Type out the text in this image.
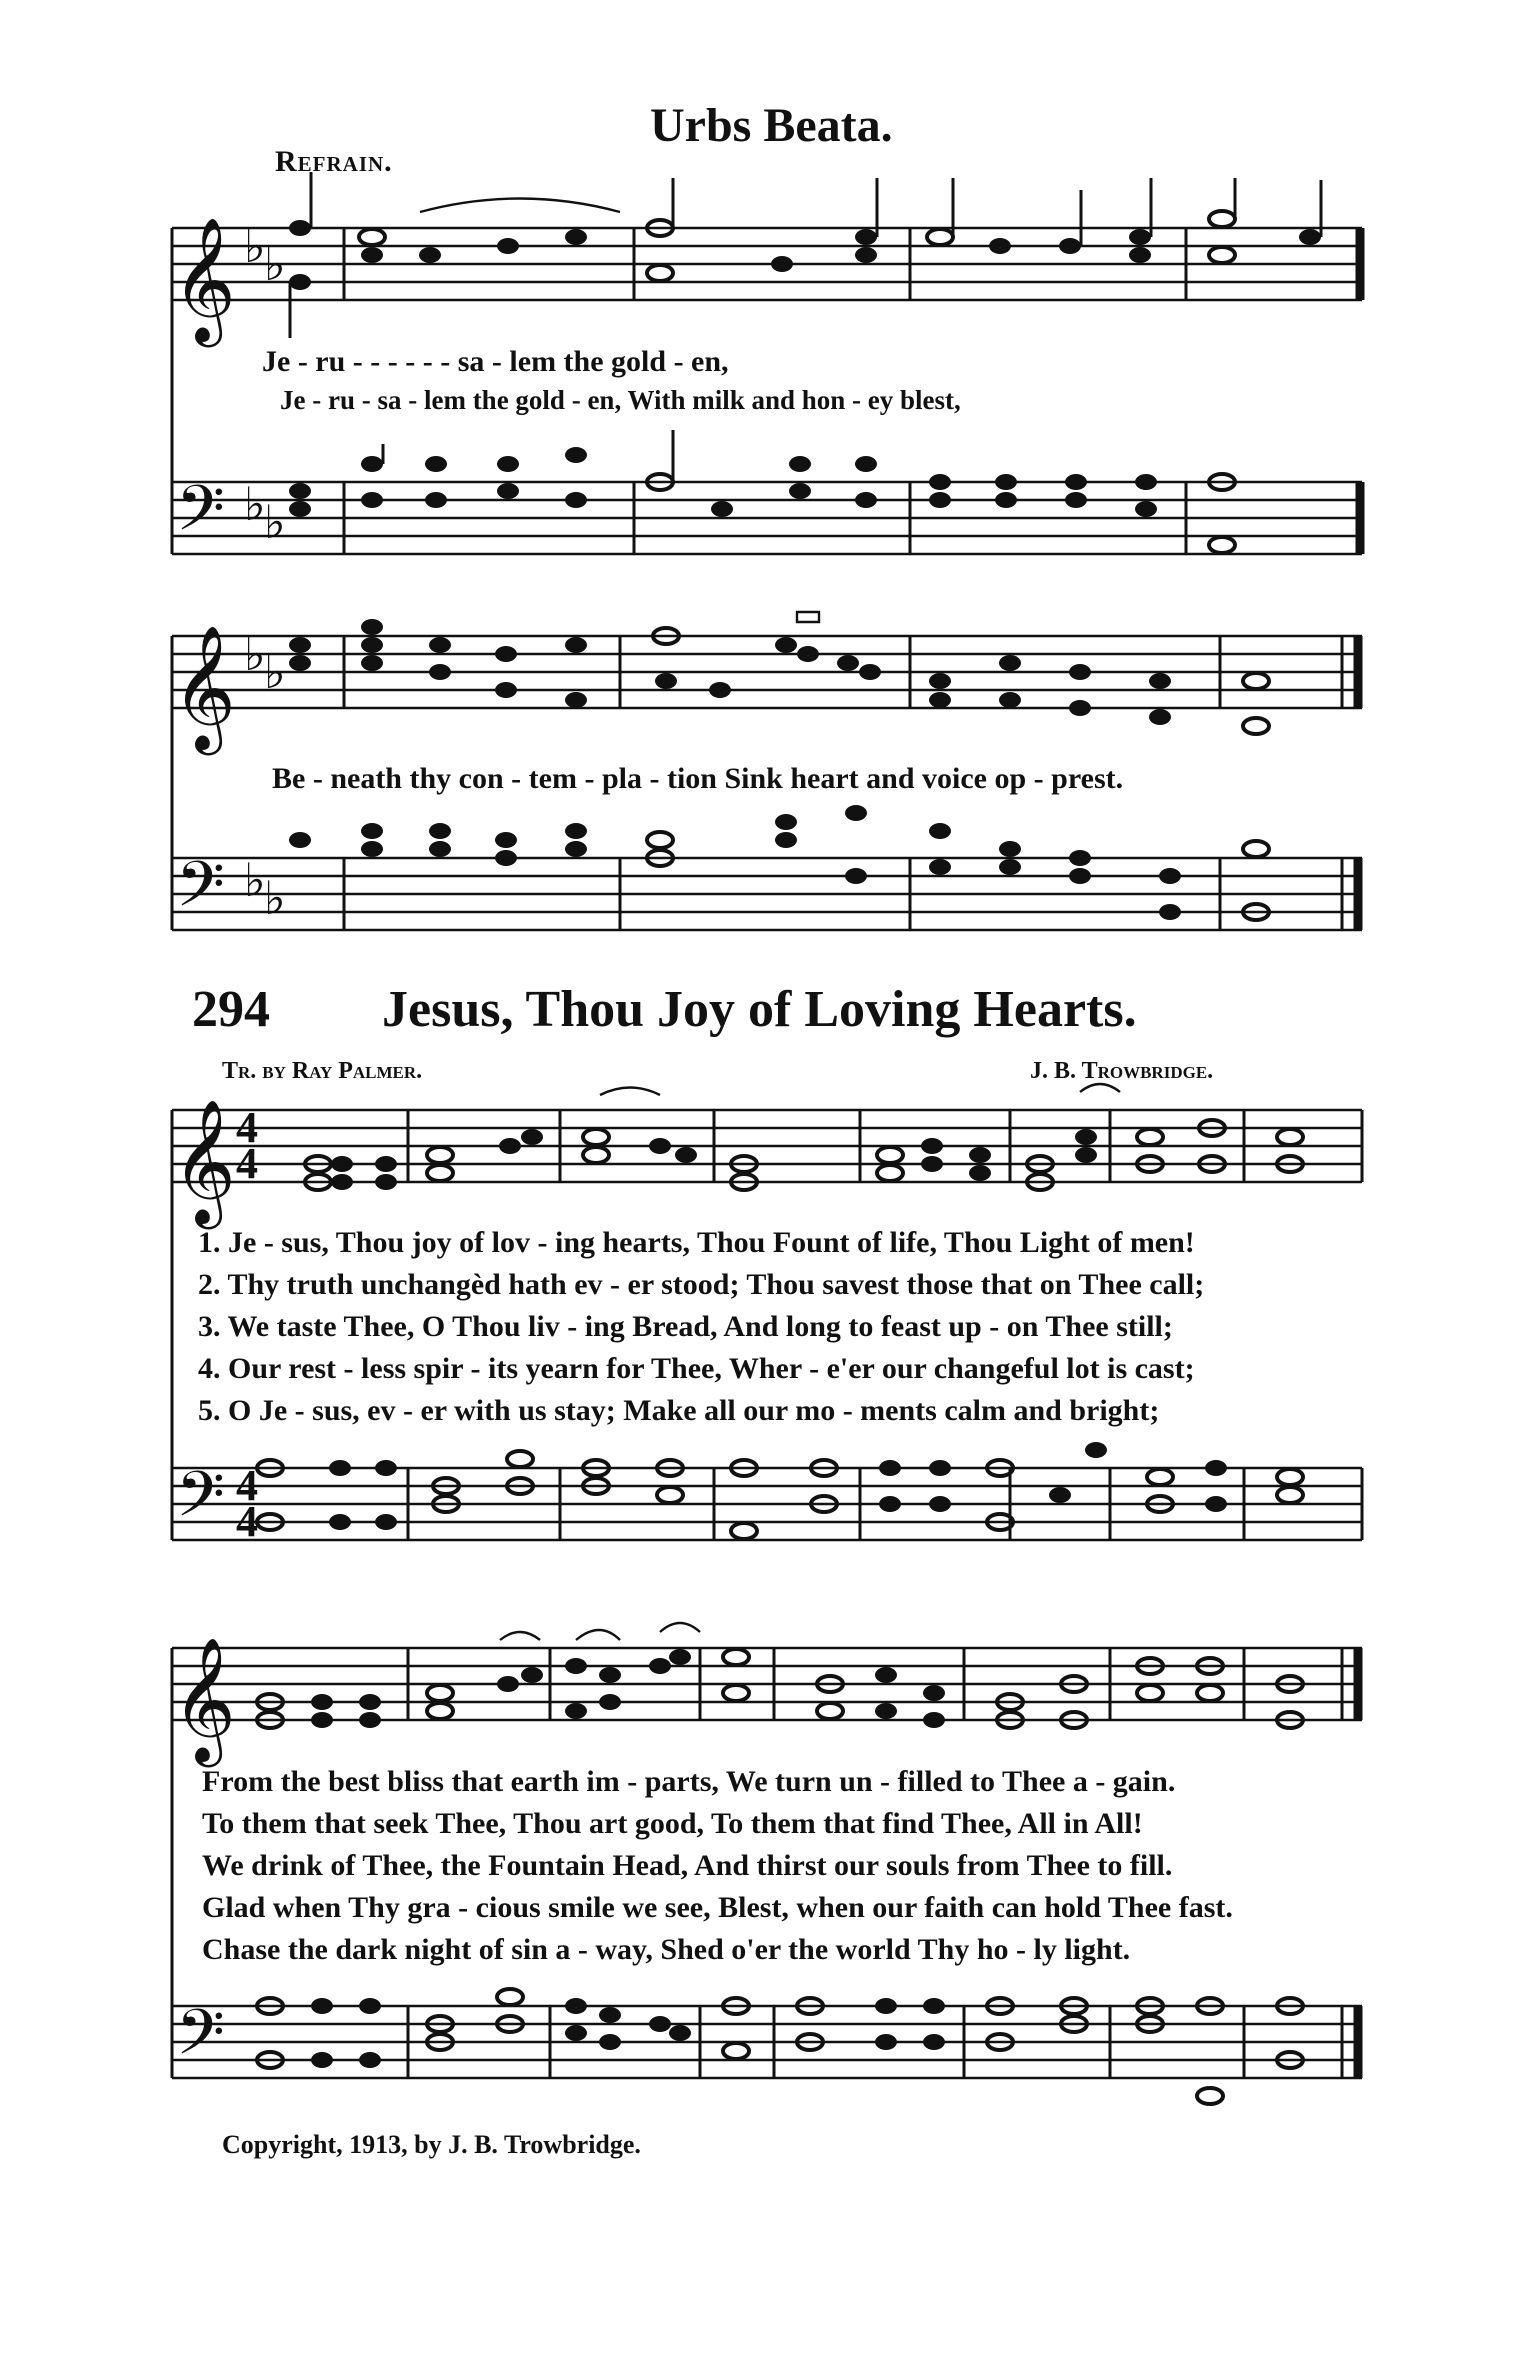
Urbs Beata.
Refrain.
Je - ru - - - - - - sa - lem the gold - en,
Je - ru - sa - lem the gold - en, With milk and hon - ey blest,
Be - neath thy con - tem - pla - tion Sink heart and voice op - prest.
294 Jesus, Thou Joy of Loving Hearts.
Tr. by Ray Palmer.	J. B. Trowbridge.
1. Je - sus, Thou joy of lov - ing hearts, Thou Fount of life, Thou Light of men!
2. Thy truth unchangèd hath ev - er stood; Thou savest those that on Thee call;
3. We taste Thee, O Thou liv - ing Bread, And long to feast up - on Thee still;
4. Our rest - less spir - its yearn for Thee, Wher - e'er our changeful lot is cast;
5. O Je - sus, ev - er with us stay; Make all our mo - ments calm and bright;
From the best bliss that earth im - parts, We turn un - filled to Thee a - gain.
To them that seek Thee, Thou art good, To them that find Thee, All in All!
We drink of Thee, the Fountain Head, And thirst our souls from Thee to fill.
Glad when Thy gra - cious smile we see, Blest, when our faith can hold Thee fast.
Chase the dark night of sin a - way, Shed o'er the world Thy ho - ly light.
Copyright, 1913, by J. B. Trowbridge.
𝄞
𝄢
♭
♭
♭
♭
𝄞
𝄢
♭
♭
♭
♭
𝄞
𝄢
4
4
4
4
𝄞
𝄢
